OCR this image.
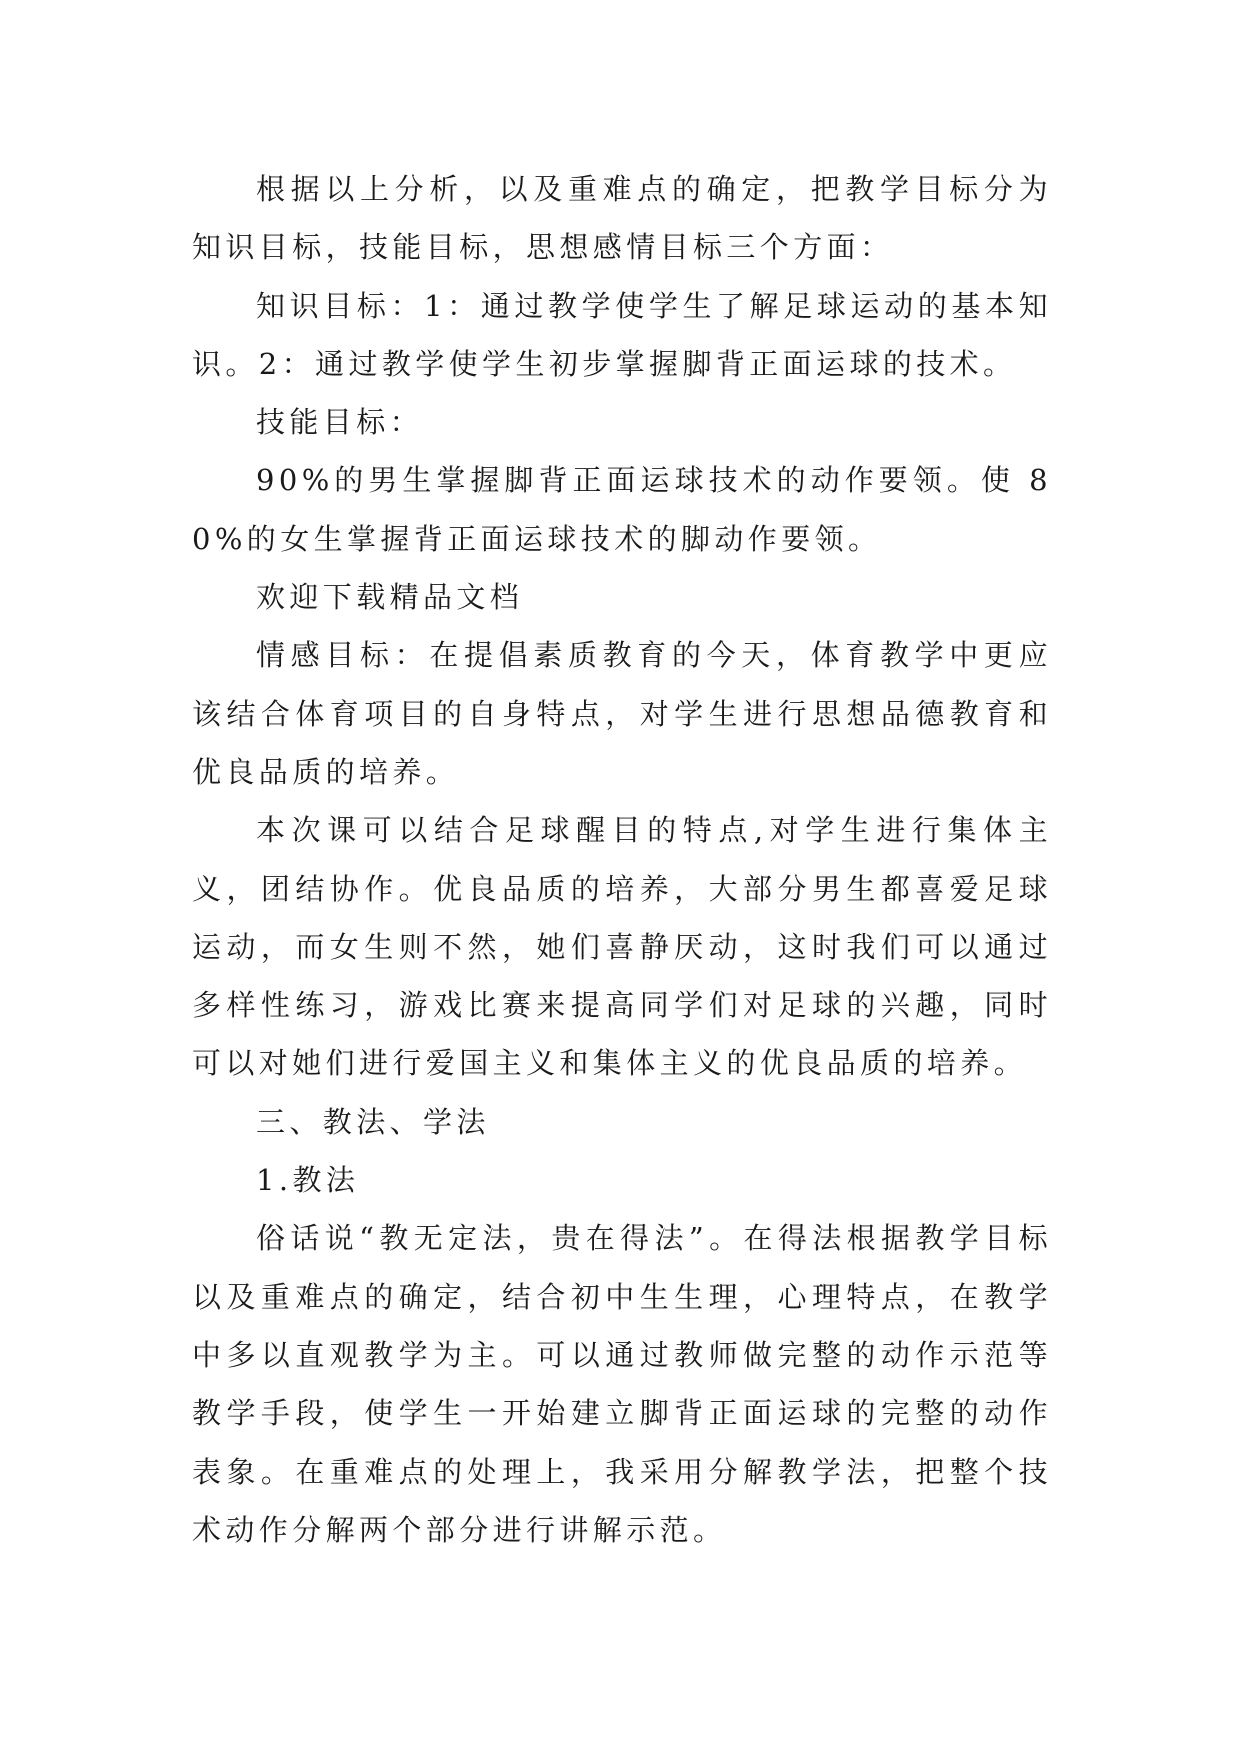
根据以上分析，以及重难点的确定，把教学目标分为知识目标，技能目标，思想感情目标三个方面：

知识目标：1：通过教学使学生了解足球运动的基本知识。2：通过教学使学生初步掌握脚背正面运球的技术。

技能目标：

90%的男生掌握脚背正面运球技术的动作要领。使 80%的女生掌握背正面运球技术的脚动作要领。

欢迎下载精品文档

情感目标：在提倡素质教育的今天，体育教学中更应该结合体育项目的自身特点，对学生进行思想品德教育和优良品质的培养。

本次课可以结合足球醒目的特点,对学生进行集体主义，团结协作。优良品质的培养，大部分男生都喜爱足球运动，而女生则不然，她们喜静厌动，这时我们可以通过多样性练习，游戏比赛来提高同学们对足球的兴趣，同时可以对她们进行爱国主义和集体主义的优良品质的培养。

三、教法、学法

1.教法

俗话说“教无定法，贵在得法”。在得法根据教学目标以及重难点的确定，结合初中生生理，心理特点，在教学中多以直观教学为主。可以通过教师做完整的动作示范等教学手段，使学生一开始建立脚背正面运球的完整的动作表象。在重难点的处理上，我采用分解教学法，把整个技术动作分解两个部分进行讲解示范。
